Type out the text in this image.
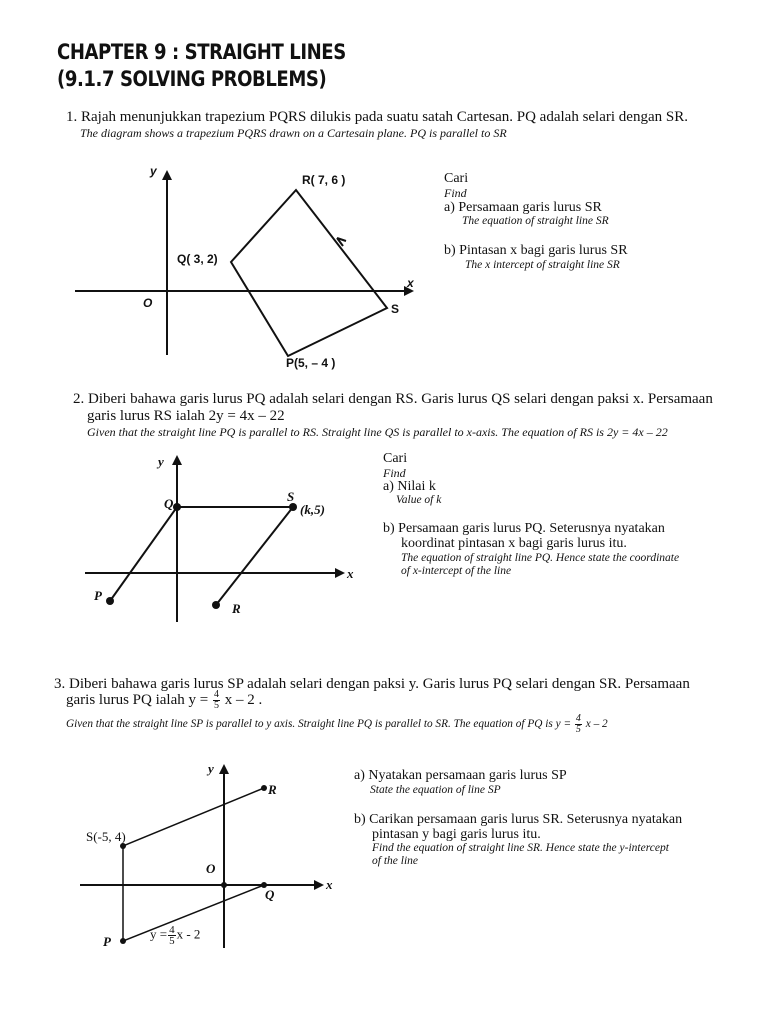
CHAPTER 9 : STRAIGHT LINES
(9.1.7 SOLVING PROBLEMS)
1. Rajah menunjukkan trapezium PQRS dilukis pada suatu satah Cartesan. PQ adalah selari dengan SR.
The diagram shows a trapezium PQRS drawn on a Cartesain plane. PQ is parallel to SR
y
x
O
R( 7, 6 )
Q( 3, 2)
S
P(5, – 4 )
Cari
Find
a) Persamaan garis lurus SR
The equation of straight line SR
b) Pintasan x bagi garis lurus SR
The x intercept of straight line SR
2. Diberi bahawa garis lurus PQ adalah selari dengan RS. Garis lurus QS selari dengan paksi x. Persamaan
garis lurus RS ialah 2y = 4x – 22
Given that the straight line PQ is parallel to RS. Straight line QS is parallel to x-axis. The equation of RS is 2y = 4x – 22
y
x
Q	S
(k,5)
P
R
Cari
Find
a) Nilai k
Value of k
b) Persamaan garis lurus PQ. Seterusnya nyatakan
koordinat pintasan x bagi garis lurus itu.
The equation of straight line PQ. Hence state the coordinate
of x-intercept of the line
3. Diberi bahawa garis lurus SP adalah selari dengan paksi y. Garis lurus PQ selari dengan SR. Persamaan
garis lurus PQ ialah $y = \frac{4}{5}$ x – 2 .
Given that the straight line SP is parallel to y axis. Straight line PQ is parallel to SR. The equation of PQ is $y = \frac{4}{5}$ x – 2
y
x
O
R
S(-5, 4)
Q
P
$y = \frac{4}{5}$ x - 2
a) Nyatakan persamaan garis lurus SP
State the equation of line SP
b) Carikan persamaan garis lurus SR. Seterusnya nyatakan
pintasan y bagi garis lurus itu.
Find the equation of straight line SR. Hence state the y-intercept
of the line
